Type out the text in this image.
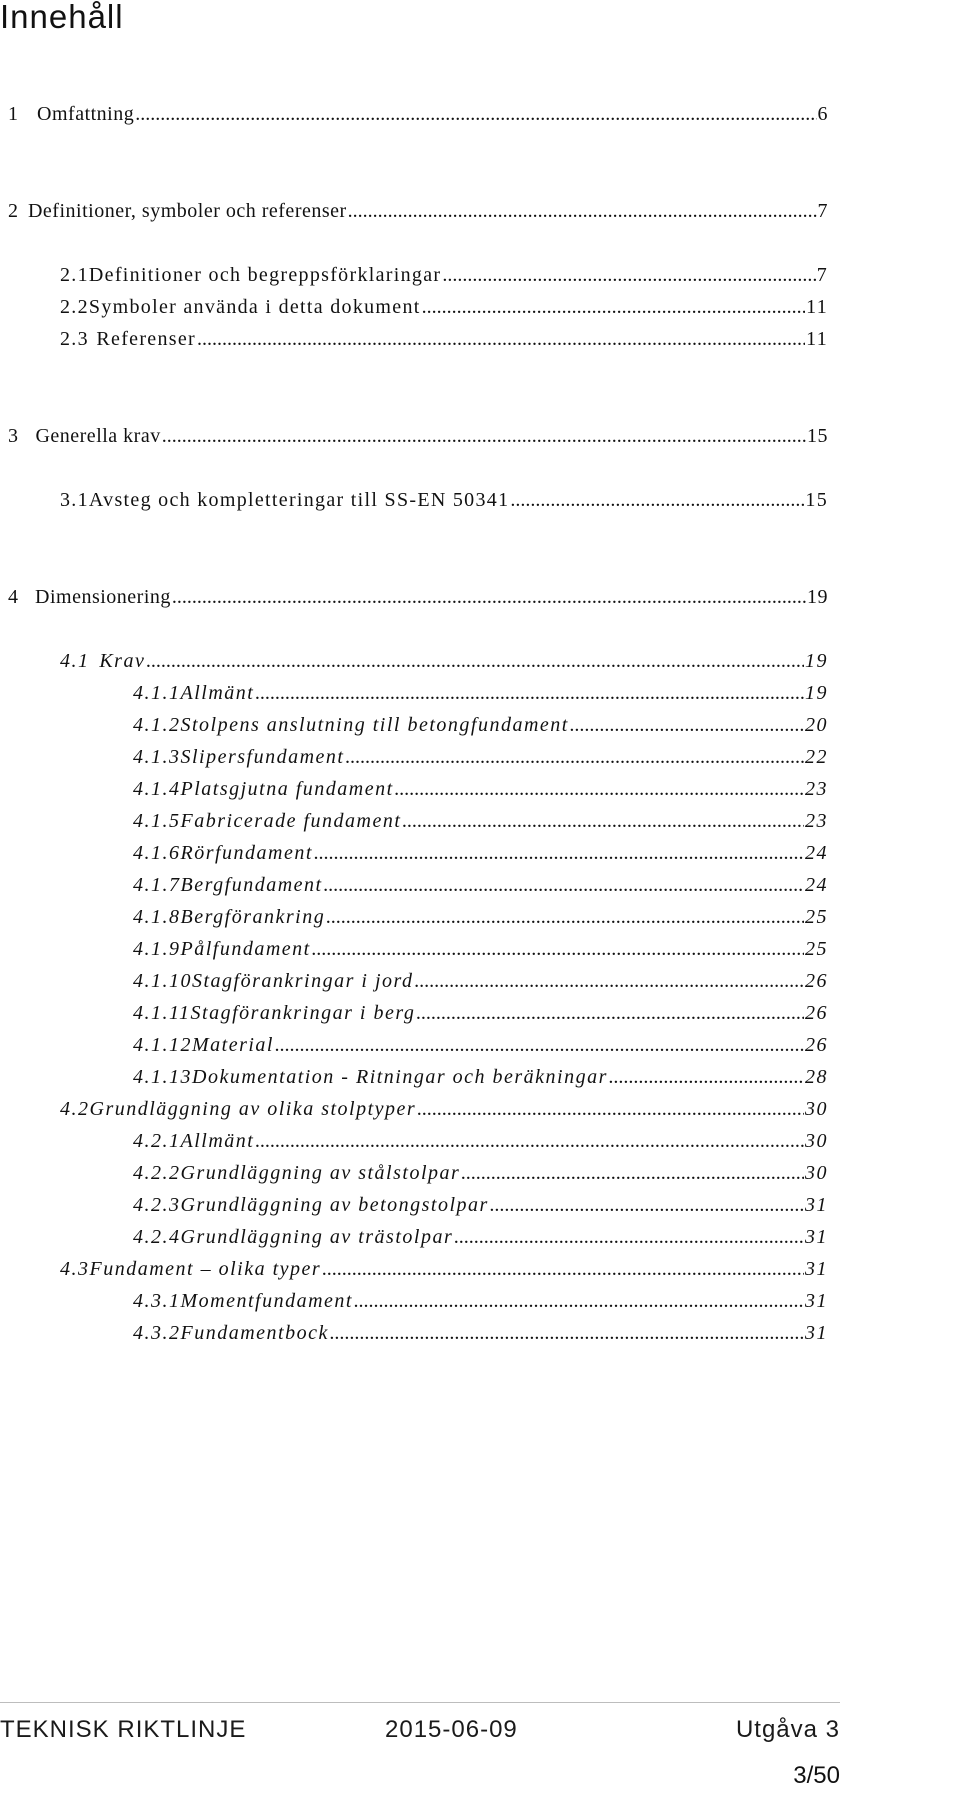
Innehåll
1 Omfattning .....	6
2 Definitioner, symboler och referenser .....	7
2.1 Definitioner och begreppsförklaringar .....	7
2.2 Symboler använda i detta dokument .....	11
2.3 Referenser .....	11
3 Generella krav .....	15
3.1 Avsteg och kompletteringar till SS-EN 50341 .....	15
4 Dimensionering .....	19
4.1 Krav .....	19
4.1.1 Allmänt .....	19
4.1.2 Stolpens anslutning till betongfundament .....	20
4.1.3 Slipersfundament .....	22
4.1.4 Platsgjutna fundament .....	23
4.1.5 Fabricerade fundament .....	23
4.1.6 Rörfundament .....	24
4.1.7 Bergfundament .....	24
4.1.8 Bergförankring .....	25
4.1.9 Pålfundament .....	25
4.1.10 Stagförankringar i jord .....	26
4.1.11 Stagförankringar i berg .....	26
4.1.12 Material .....	26
4.1.13 Dokumentation - Ritningar och beräkningar .....	28
4.2 Grundläggning av olika stolptyper .....	30
4.2.1 Allmänt .....	30
4.2.2 Grundläggning av stålstolpar .....	30
4.2.3 Grundläggning av betongstolpar .....	31
4.2.4 Grundläggning av trästolpar .....	31
4.3 Fundament – olika typer .....	31
4.3.1 Momentfundament .....	31
4.3.2 Fundamentbock .....	31
TEKNISK RIKTLINJE	2015-06-09	Utgåva 3
3/50
